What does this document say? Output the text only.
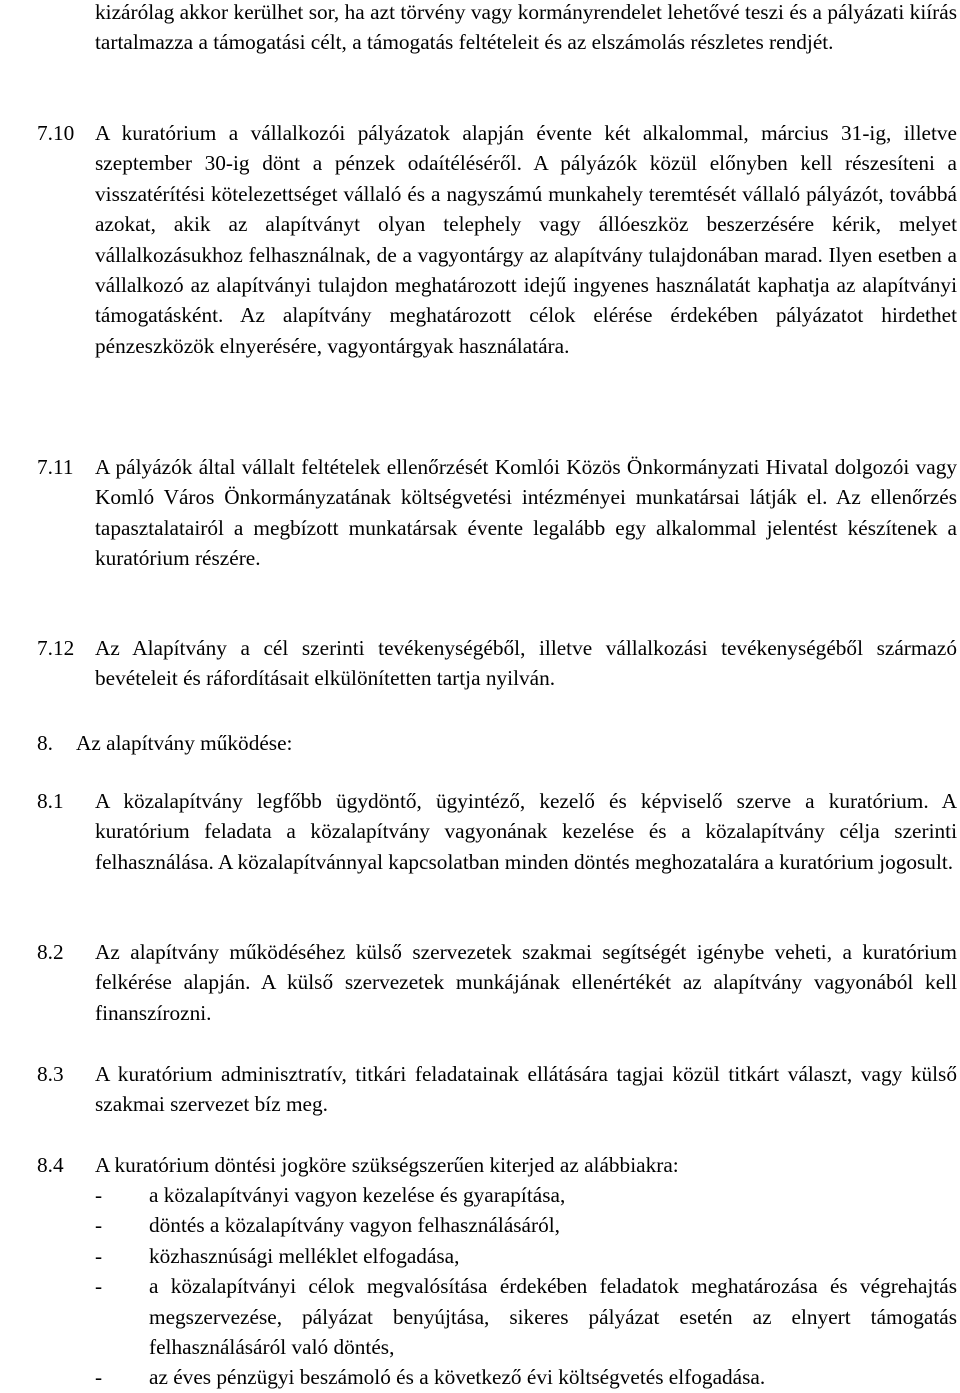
kizárólag akkor kerülhet sor, ha azt törvény vagy kormányrendelet lehetővé teszi és a pályázati kiírás tartalmazza a támogatási célt, a támogatás feltételeit és az elszámolás részletes rendjét.

7.10 A kuratórium a vállalkozói pályázatok alapján évente két alkalommal, március 31-ig, illetve szeptember 30-ig dönt a pénzek odaítéléséről. A pályázók közül előnyben kell részesíteni a visszatérítési kötelezettséget vállaló és a nagyszámú munkahely teremtését vállaló pályázót, továbbá azokat, akik az alapítványt olyan telephely vagy állóeszköz beszerzésére kérik, melyet vállalkozásukhoz felhasználnak, de a vagyontárgy az alapítvány tulajdonában marad. Ilyen esetben a vállalkozó az alapítványi tulajdon meghatározott idejű ingyenes használatát kaphatja az alapítványi támogatásként. Az alapítvány meghatározott célok elérése érdekében pályázatot hirdethet pénzeszközök elnyerésére, vagyontárgyak használatára.

7.11 A pályázók által vállalt feltételek ellenőrzését Komlói Közös Önkormányzati Hivatal dolgozói vagy Komló Város Önkormányzatának költségvetési intézményei munkatársai látják el. Az ellenőrzés tapasztalatairól a megbízott munkatársak évente legalább egy alkalommal jelentést készítenek a kuratórium részére.

7.12 Az Alapítvány a cél szerinti tevékenységéből, illetve vállalkozási tevékenységéből származó bevételeit és ráfordításait elkülönítetten tartja nyilván.

8. Az alapítvány működése:
8.1 A közalapítvány legfőbb ügydöntő, ügyintéző, kezelő és képviselő szerve a kuratórium. A kuratórium feladata a közalapítvány vagyonának kezelése és a közalapítvány célja szerinti felhasználása. A közalapítvánnyal kapcsolatban minden döntés meghozatalára a kuratórium jogosult.

8.2 Az alapítvány működéséhez külső szervezetek szakmai segítségét igénybe veheti, a kuratórium felkérése alapján. A külső szervezetek munkájának ellenértékét az alapítvány vagyonából kell finanszírozni.

8.3 A kuratórium adminisztratív, titkári feladatainak ellátására tagjai közül titkárt választ, vagy külső szakmai szervezet bíz meg.

8.4 A kuratórium döntési jogköre szükségszerűen kiterjed az alábbiakra:

- a közalapítványi vagyon kezelése és gyarapítása,
- döntés a közalapítvány vagyon felhasználásáról,
- közhasznúsági melléklet elfogadása,
- a közalapítványi célok megvalósítása érdekében feladatok meghatározása és végrehajtás megszervezése, pályázat benyújtása, sikeres pályázat esetén az elnyert támogatás felhasználásáról való döntés,
- az éves pénzügyi beszámoló és a következő évi költségvetés elfogadása.
